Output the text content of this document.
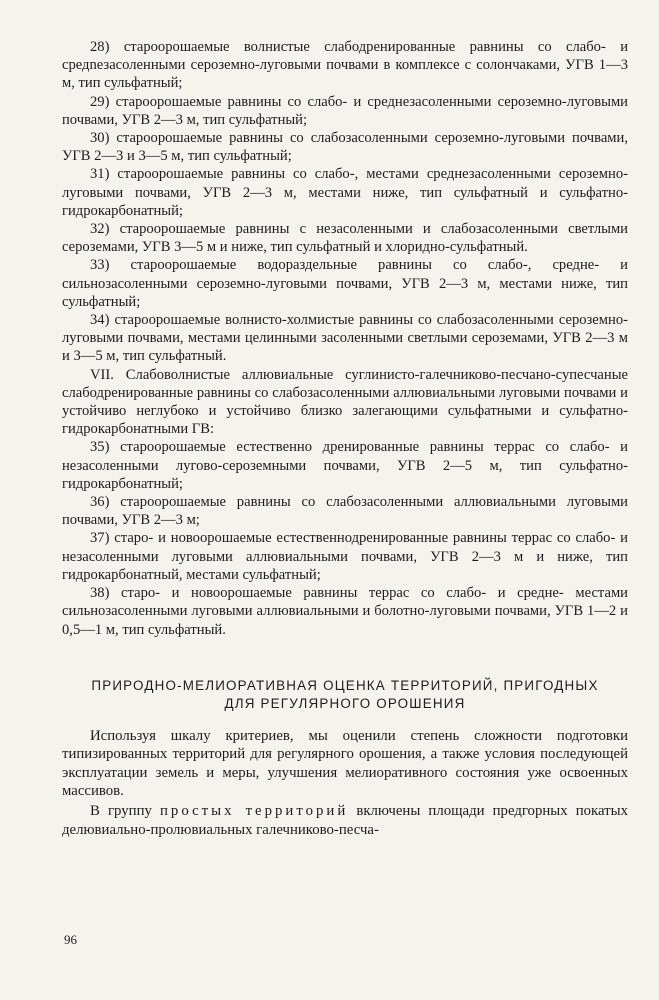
28) староорошаемые волнистые слабодренированные равнины со слабо- и средnезасоленными сероземно-луговыми почвами в комплексе с солончаками, УГВ 1—3 м, тип сульфатный;

29) староорошаемые равнины со слабо- и среднезасоленными сероземно-луговыми почвами, УГВ 2—3 м, тип сульфатный;

30) староорошаемые равнины со слабозасоленными сероземно-луговыми почвами, УГВ 2—3 и 3—5 м, тип сульфатный;

31) староорошаемые равнины со слабо-, местами среднезасоленными сероземно-луговыми почвами, УГВ 2—3 м, местами ниже, тип сульфатный и сульфатно-гидрокарбонатный;

32) староорошаемые равнины с незасоленными и слабозасоленными светлыми сероземами, УГВ 3—5 м и ниже, тип сульфатный и хлоридно-сульфатный.

33) староорошаемые водораздельные равнины со слабо-, средне- и сильнозасоленными сероземно-луговыми почвами, УГВ 2—3 м, местами ниже, тип сульфатный;

34) староорошаемые волнисто-холмистые равнины со слабозасоленными сероземно-луговыми почвами, местами целинными засоленными светлыми сероземами, УГВ 2—3 м и 3—5 м, тип сульфатный.

VII. Слабоволнистые аллювиальные суглинисто-галечниково-песчано-супесчаные слабодренированные равнины со слабозасоленными аллювиальными луговыми почвами и устойчиво неглубоко и устойчиво близко залегающими сульфатными и сульфатно-гидрокарбонатными ГВ:

35) староорошаемые естественно дренированные равнины террас со слабо- и незасоленными лугово-сероземными почвами, УГВ 2—5 м, тип сульфатно-гидрокарбонатный;

36) староорошаемые равнины со слабозасоленными аллювиальными луговыми почвами, УГВ 2—3 м;

37) старо- и новоорошаемые естественнодренированные равнины террас со слабо- и незасоленными луговыми аллювиальными почвами, УГВ 2—3 м и ниже, тип гидрокарбонатный, местами сульфатный;

38) старо- и новоорошаемые равнины террас со слабо- и средне- местами сильнозасоленными луговыми аллювиальными и болотно-луговыми почвами, УГВ 1—2 и 0,5—1 м, тип сульфатный.

ПРИРОДНО-МЕЛИОРАТИВНАЯ ОЦЕНКА ТЕРРИТОРИЙ, ПРИГОДНЫХ
ДЛЯ РЕГУЛЯРНОГО ОРОШЕНИЯ

Используя шкалу критериев, мы оценили степень сложности подготовки типизированных территорий для регулярного орошения, а также условия последующей эксплуатации земель и меры, улучшения мелиоративного состояния уже освоенных массивов.

В группу простых территорий включены площади предгорных покатых делювиально-пролювиальных галечниково-песча-

96
